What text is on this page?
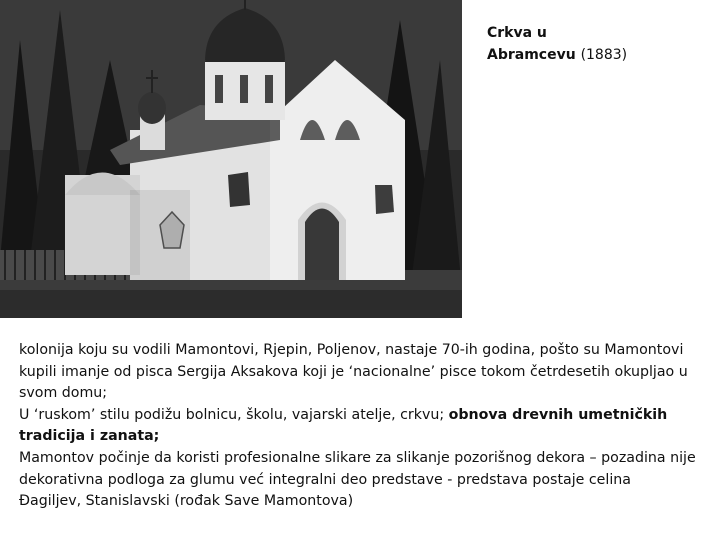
Crkva u
Abramcevu (1883)

kolonija koju su vodili Mamontovi, Rjepin, Poljenov, nastaje 70-ih godina, pošto su Mamontovi kupili imanje od pisca Sergija Aksakova koji je ‘nacionalne’ pisce tokom četrdesetih okupljao u svom domu;

U ‘ruskom’ stilu podižu bolnicu, školu, vajarski atelje, crkvu; obnova drevnih umetničkih tradicija i zanata;

Mamontov počinje da koristi profesionalne slikare za slikanje pozorišnog dekora – pozadina nije dekorativna podloga za glumu već integralni deo predstave - predstava postaje celina

Đagiljev, Stanislavski (rođak Save Mamontova)
